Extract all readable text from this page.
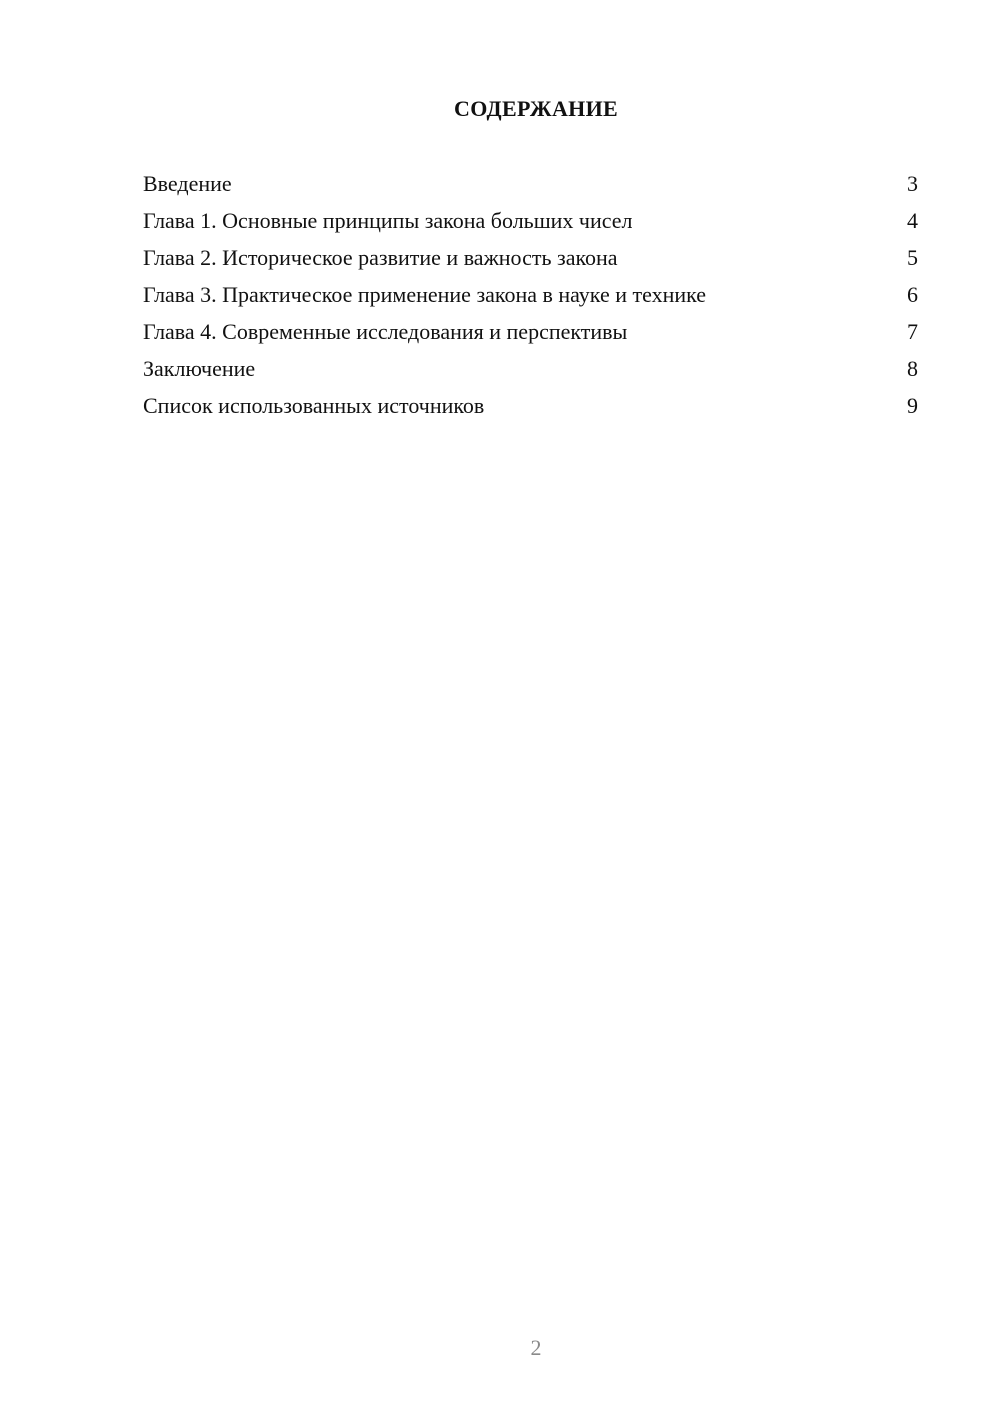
СОДЕРЖАНИЕ
Введение	3
Глава 1. Основные принципы закона больших чисел	4
Глава 2. Историческое развитие и важность закона	5
Глава 3. Практическое применение закона в науке и технике	6
Глава 4. Современные исследования и перспективы	7
Заключение	8
Список использованных источников	9
2
